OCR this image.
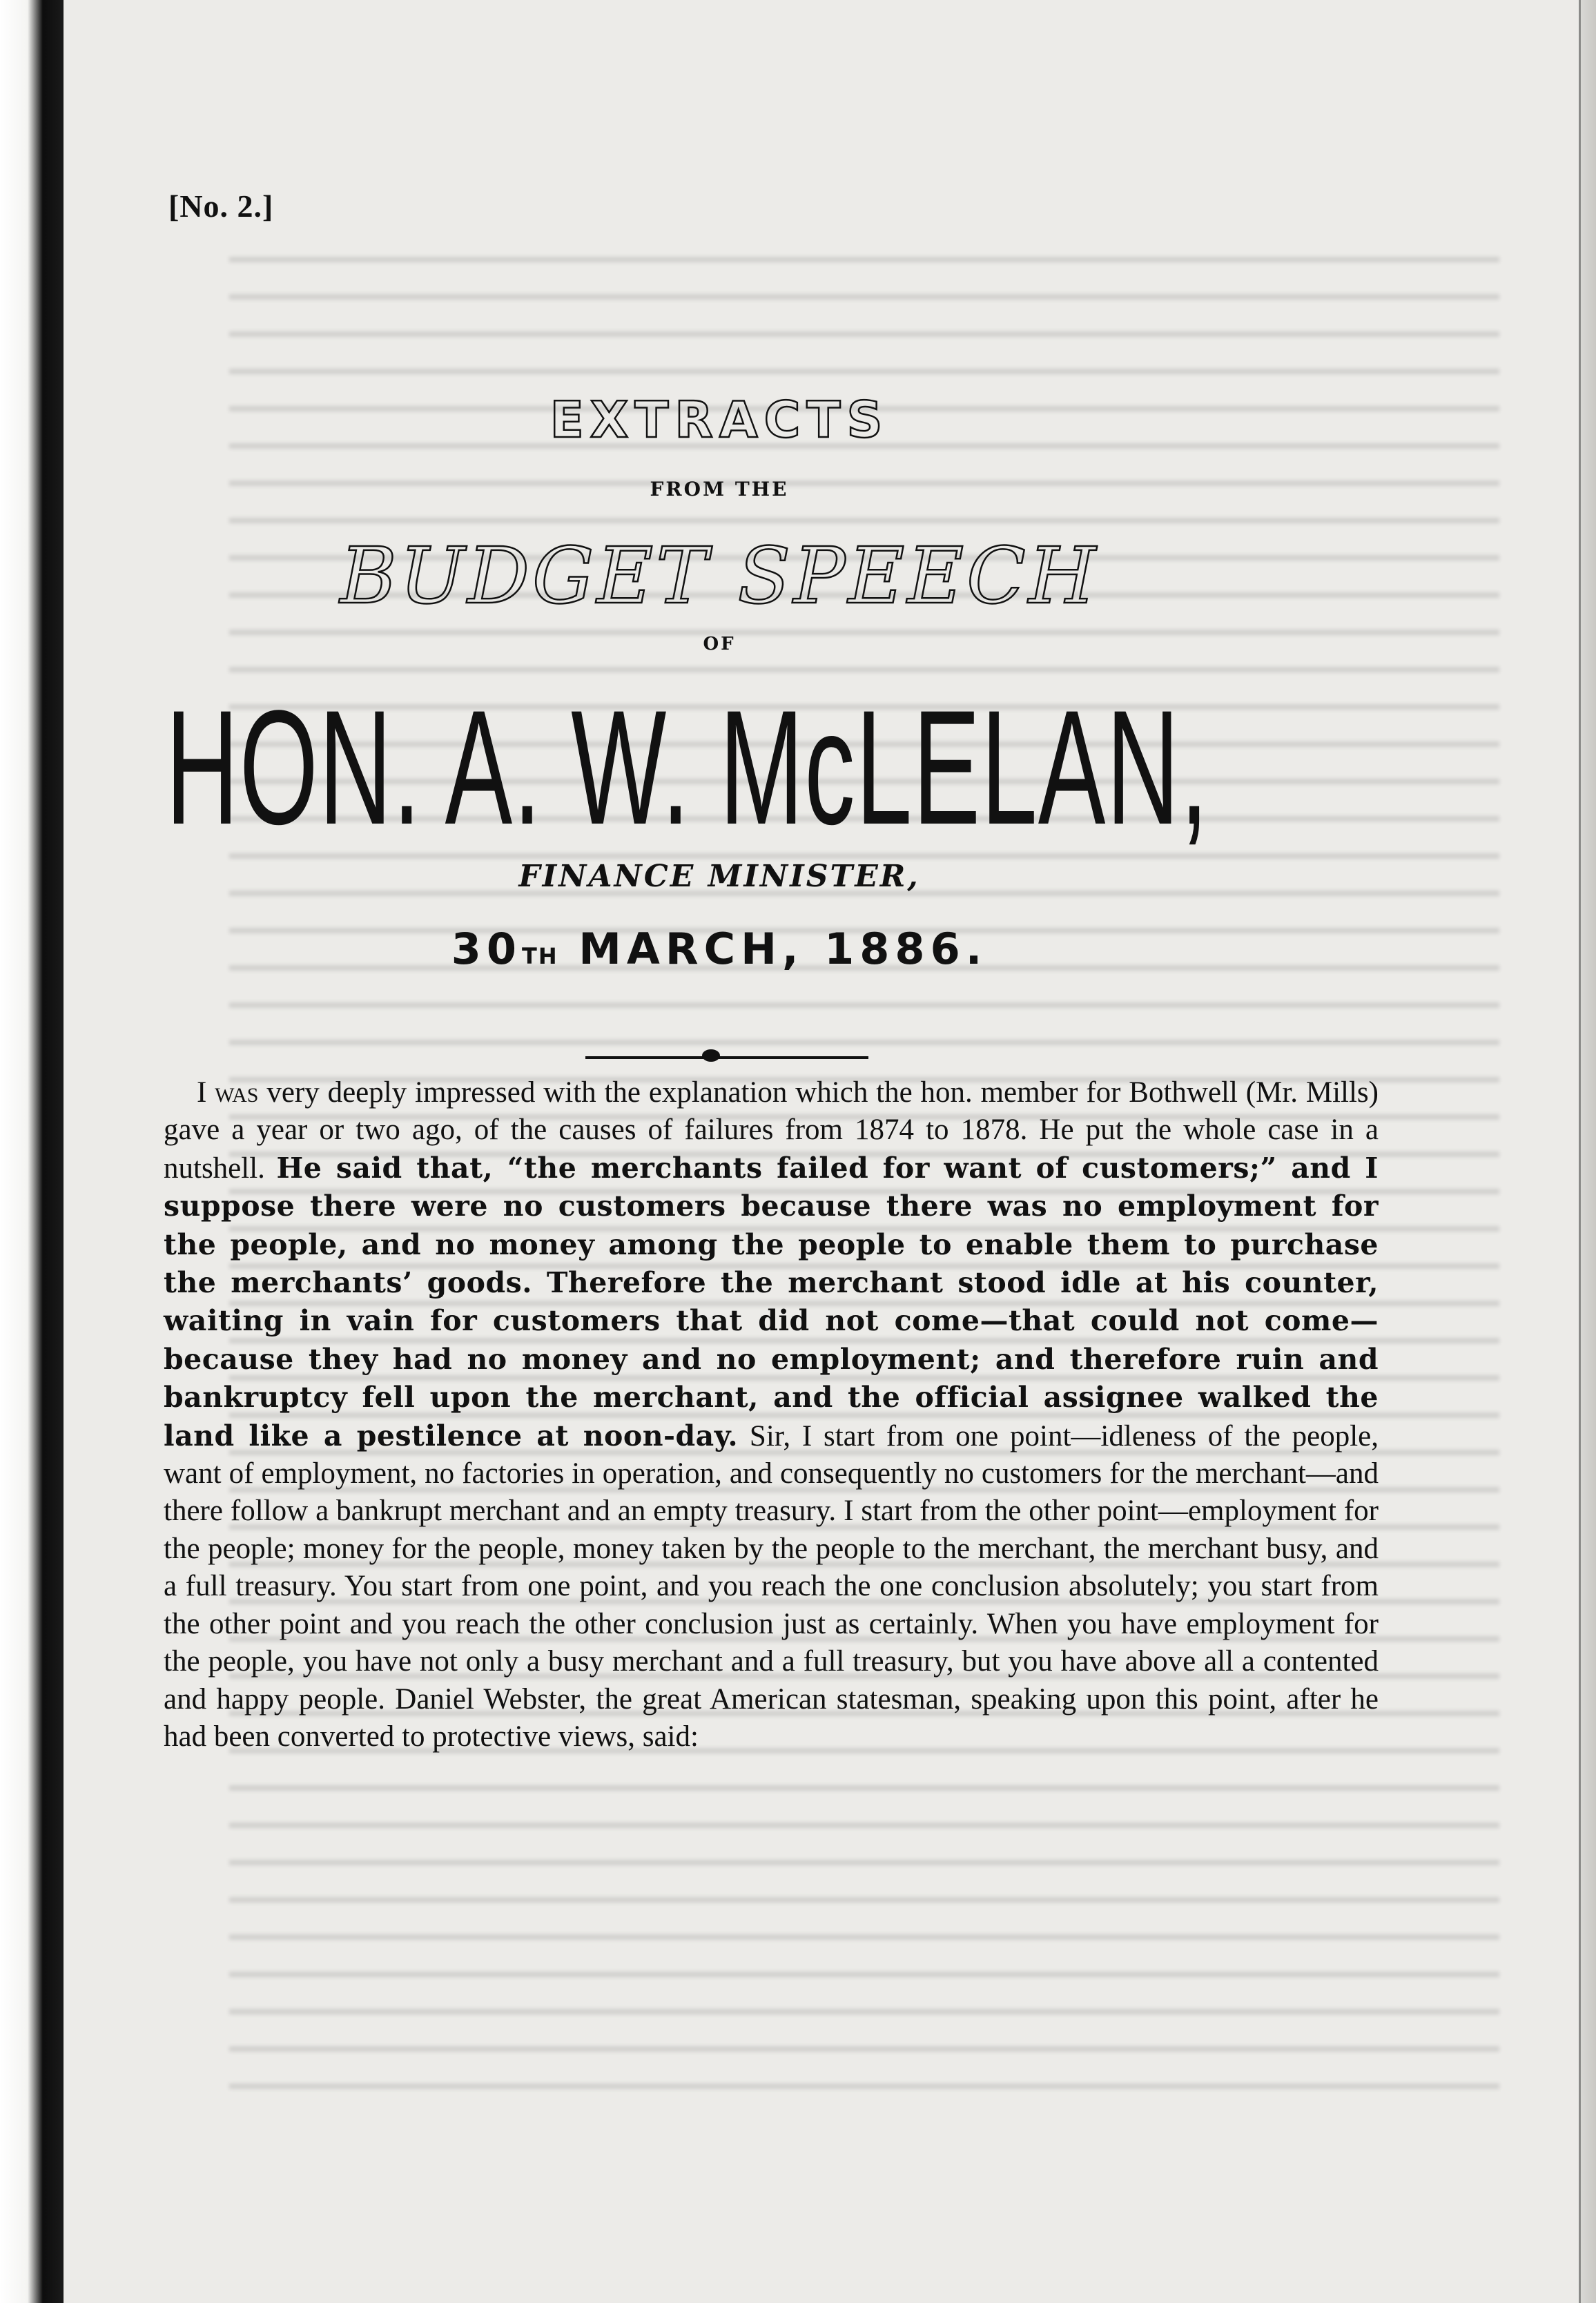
[No. 2.]
EXTRACTS
FROM THE
BUDGET SPEECH
OF
HON. A. W. McLELAN,
FINANCE MINISTER,
30TH MARCH, 1886.

I was very deeply impressed with the explanation which the hon. member for Bothwell (Mr. Mills) gave a year or two ago, of the causes of failures from 1874 to 1878. He put the whole case in a nutshell. He said that, “the merchants failed for want of customers;” and I suppose there were no customers because there was no employment for the people, and no money among the people to enable them to purchase the merchants’ goods. Therefore the merchant stood idle at his counter, waiting in vain for customers that did not come—that could not come—because they had no money and no employment; and therefore ruin and bankruptcy fell upon the merchant, and the official assignee walked the land like a pestilence at noon-day. Sir, I start from one point—idleness of the people, want of employment, no factories in operation, and consequently no customers for the merchant—and there follow a bankrupt merchant and an empty treasury. I start from the other point—employment for the people; money for the people, money taken by the people to the merchant, the merchant busy, and a full treasury. You start from one point, and you reach the one conclusion absolutely; you start from the other point and you reach the other conclusion just as certainly. When you have employment for the people, you have not only a busy merchant and a full treasury, but you have above all a contented and happy people. Daniel Webster, the great American statesman, speaking upon this point, after he had been converted to protective views, said:
